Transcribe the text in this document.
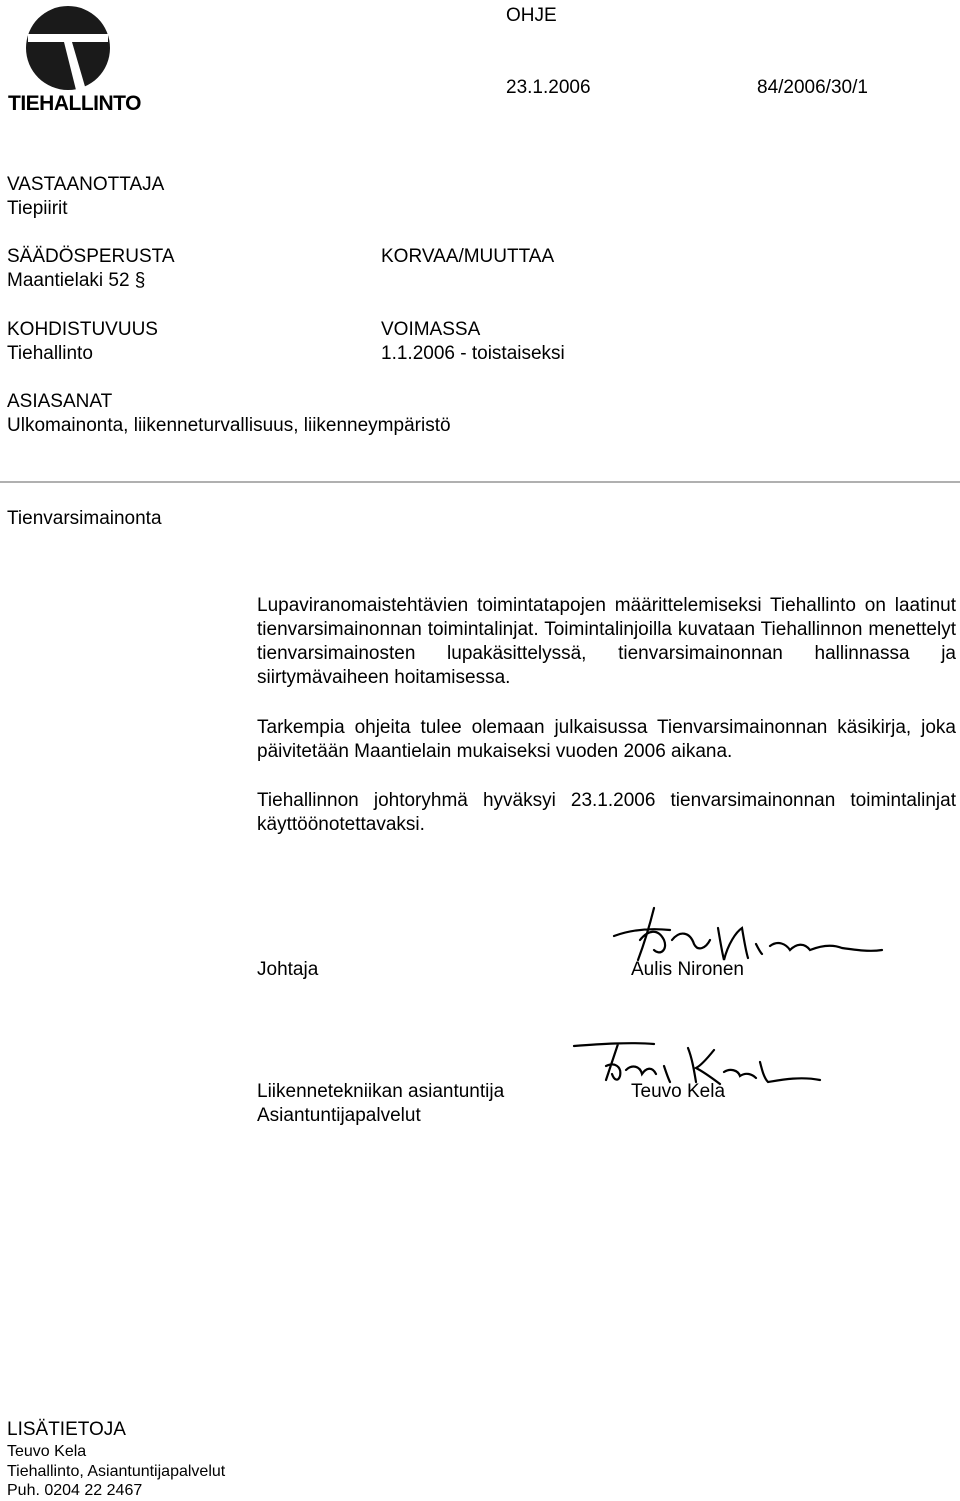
TIEHALLINTO
OHJE
23.1.2006	84/2006/30/1
VASTAANOTTAJA
Tiepiirit
SÄÄDÖSPERUSTA
Maantielaki 52 §
KORVAA/MUUTTAA
KOHDISTUVUUS
Tiehallinto
VOIMASSA
1.1.2006 - toistaiseksi
ASIASANAT
Ulkomainonta, liikenneturvallisuus, liikenneympäristö
Tienvarsimainonta
Lupaviranomaistehtävien toimintatapojen määrittelemiseksi Tiehallinto on laatinut tienvarsimainonnan toimintalinjat. Toimintalinjoilla kuvataan Tiehallinnon menettelyt tienvarsimainosten lupakäsittelyssä, tienvarsimainonnan hallinnassa ja siirtymävaiheen hoitamisessa.
Tarkempia ohjeita tulee olemaan julkaisussa Tienvarsimainonnan käsikirja, joka päivitetään Maantielain mukaiseksi vuoden 2006 aikana.
Tiehallinnon johtoryhmä hyväksyi 23.1.2006 tienvarsimainonnan toimintalinjat käyttöönotettavaksi.
Johtaja	Aulis Nironen
Liikennetekniikan asiantuntija
Asiantuntijapalvelut
Teuvo Kela
LISÄTIETOJA
Teuvo Kela
Tiehallinto, Asiantuntijapalvelut
Puh. 0204 22 2467
